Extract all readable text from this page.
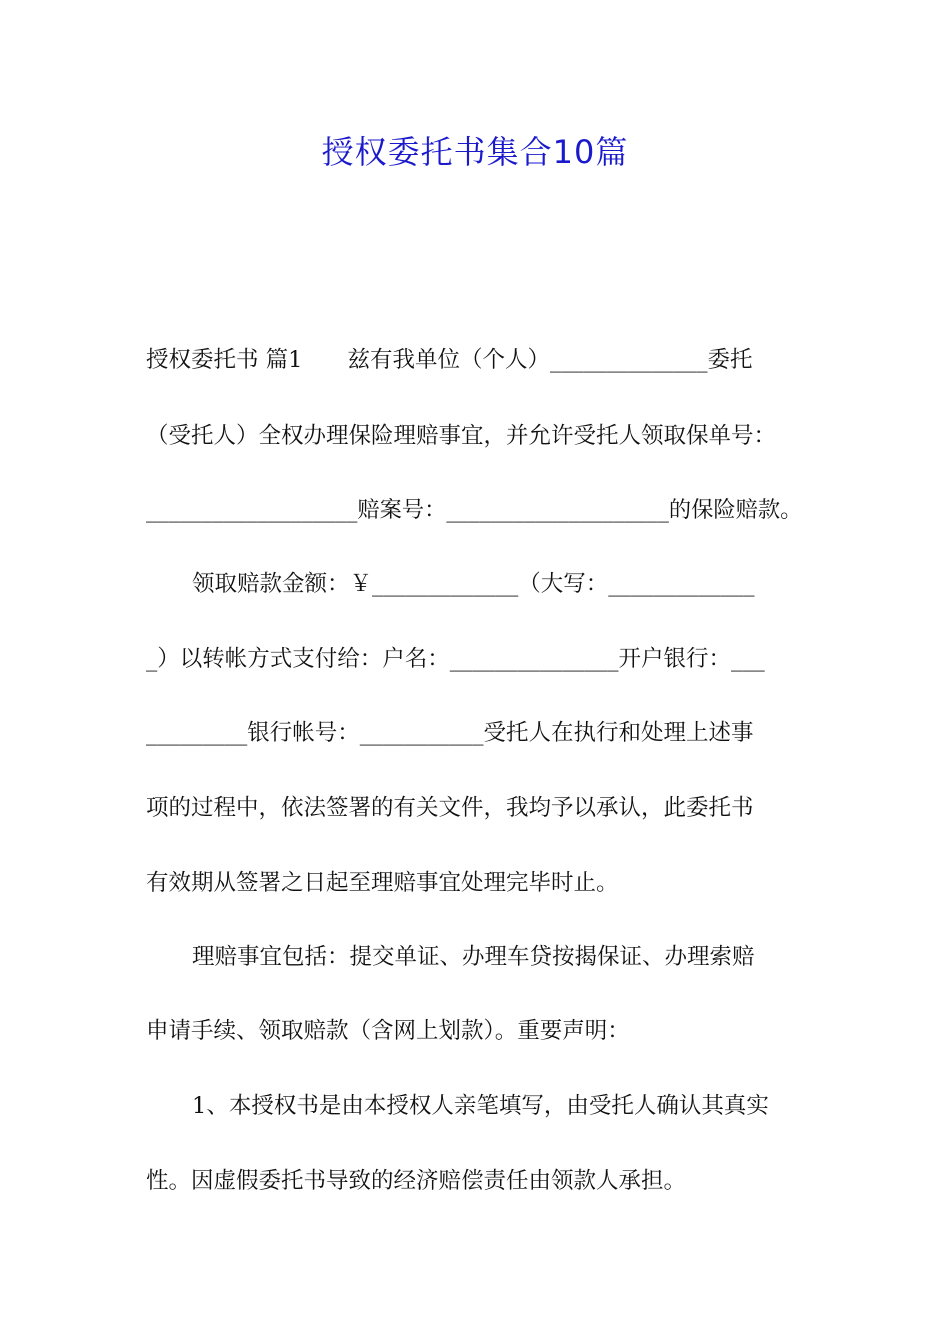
授权委托书集合10篇
授权委托书 篇1　　兹有我单位（个人）______________委托
（受托人）全权办理保险理赔事宜，并允许受托人领取保单号：
___________________赔案号：____________________的保险赔款。
领取赔款金额：￥_____________（大写：_____________
_）以转帐方式支付给：户名：_______________开户银行：___
_________银行帐号：___________受托人在执行和处理上述事
项的过程中，依法签署的有关文件，我均予以承认，此委托书
有效期从签署之日起至理赔事宜处理完毕时止。
理赔事宜包括：提交单证、办理车贷按揭保证、办理索赔
申请手续、领取赔款（含网上划款）。重要声明：
1、本授权书是由本授权人亲笔填写，由受托人确认其真实
性。因虚假委托书导致的经济赔偿责任由领款人承担。
